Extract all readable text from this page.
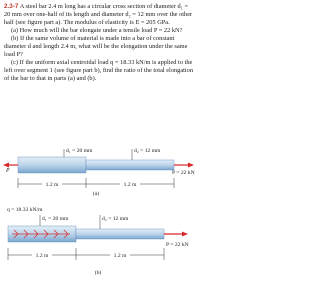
2.3-7 A steel bar 2.4 m long has a circular cross section of diameter d₁ = 20 mm over one-half of its length and diameter d₂ = 12 mm over the other half (see figure part a). The modulus of elasticity is E = 205 GPa.

(a) How much will the bar elongate under a tensile load P = 22 kN?

(b) If the same volume of material is made into a bar of constant diameter d and length 2.4 m, what will be the elongation under the same load P?

(c) If the uniform axial centroidal load q = 18.33 kN/m is applied to the left over segment 1 (see figure part b), find the ratio of the total elongation of the bar to that in parts (a) and (b).

d₁ = 20 mm	d₂ = 12 mm
P	P = 22 kN
1.2 m	1.2 m
(a)
q = 18.33 kN/m
d₁ = 20 mm	d₂ = 12 mm
P = 22 kN
1.2 m	1.2 m
(b)
